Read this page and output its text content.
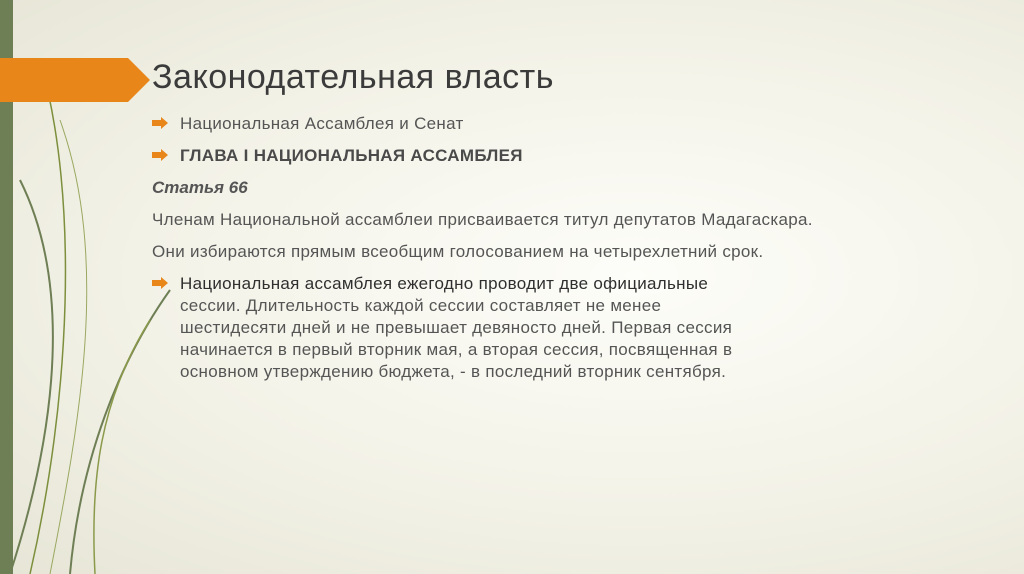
Законодательная власть
Национальная Ассамблея и Сенат
ГЛАВА I НАЦИОНАЛЬНАЯ АССАМБЛЕЯ
Статья 66
Членам Национальной ассамблеи присваивается титул депутатов Мадагаскара.
Они избираются прямым всеобщим голосованием на четырехлетний срок.
Национальная ассамблея ежегодно проводит две официальные
сессии. Длительность каждой сессии составляет не менее
шестидесяти дней и не превышает девяносто дней. Первая сессия
начинается в первый вторник мая, а вторая сессия, посвященная в
основном утверждению бюджета, - в последний вторник сентября.
